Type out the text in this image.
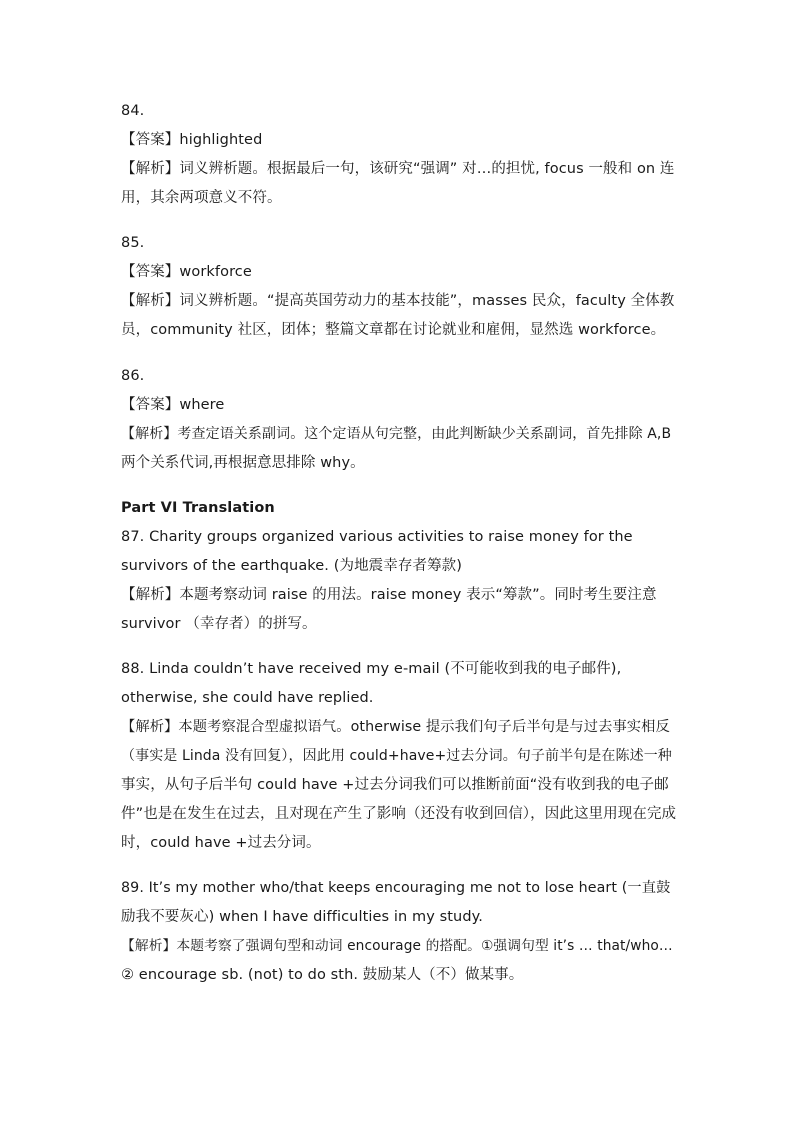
84.
【答案】highlighted
【解析】词义辨析题。根据最后一句，该研究“强调” 对…的担忧, focus 一般和 on 连
用，其余两项意义不符。
85.
【答案】workforce
【解析】词义辨析题。“提高英国劳动力的基本技能”，masses 民众，faculty 全体教
员，community 社区，团体；整篇文章都在讨论就业和雇佣，显然选 workforce。
86.
【答案】where
【解析】考查定语关系副词。这个定语从句完整，由此判断缺少关系副词，首先排除 A,B
两个关系代词,再根据意思排除 why。
Part VI Translation
87. Charity groups organized various activities to raise money for the
survivors of the earthquake. (为地震幸存者筹款)
【解析】本题考察动词 raise 的用法。raise money 表示“筹款”。同时考生要注意
survivor （幸存者）的拼写。
88. Linda couldn’t have received my e-mail (不可能收到我的电子邮件),
otherwise, she could have replied.
【解析】本题考察混合型虚拟语气。otherwise 提示我们句子后半句是与过去事实相反
（事实是 Linda 没有回复），因此用 could+have+过去分词。句子前半句是在陈述一种
事实，从句子后半句 could have +过去分词我们可以推断前面“没有收到我的电子邮
件”也是在发生在过去，且对现在产生了影响（还没有收到回信），因此这里用现在完成
时，could have +过去分词。
89. It’s my mother who/that keeps encouraging me not to lose heart (一直鼓
励我不要灰心) when I have difficulties in my study.
【解析】本题考察了强调句型和动词 encourage 的搭配。①强调句型 it’s … that/who…
② encourage sb. (not) to do sth. 鼓励某人（不）做某事。
